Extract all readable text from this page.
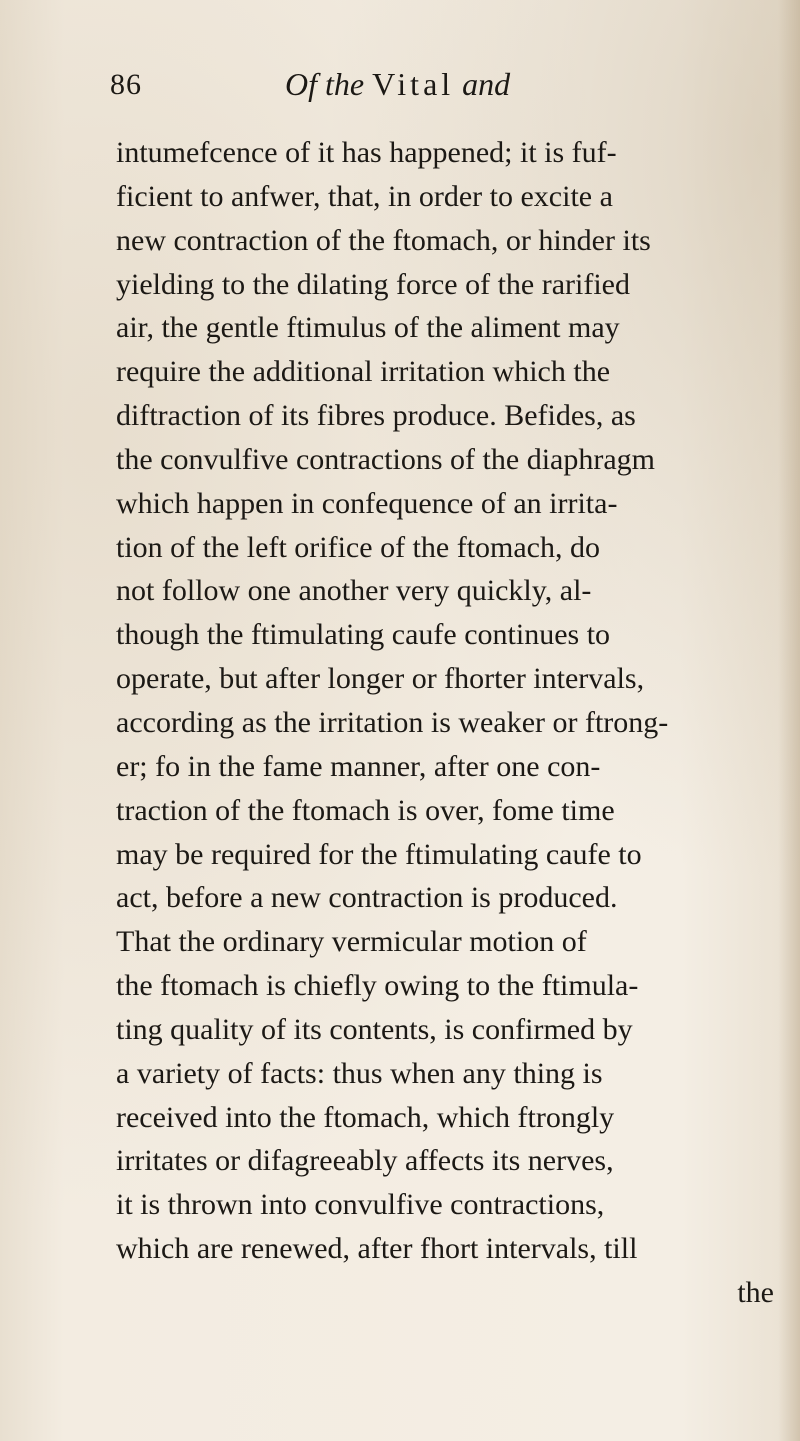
86	Of the Vital and
intumefcence of it has happened; it is fuf-
ficient to anfwer, that, in order to excite a
new contraction of the ftomach, or hinder its
yielding to the dilating force of the rarified
air, the gentle ftimulus of the aliment may
require the additional irritation which the
diftraction of its fibres produce. Befides, as
the convulfive contractions of the diaphragm
which happen in confequence of an irrita-
tion of the left orifice of the ftomach, do
not follow one another very quickly, al-
though the ftimulating caufe continues to
operate, but after longer or fhorter intervals,
according as the irritation is weaker or ftrong-
er; fo in the fame manner, after one con-
traction of the ftomach is over, fome time
may be required for the ftimulating caufe to
act, before a new contraction is produced.
That the ordinary vermicular motion of
the ftomach is chiefly owing to the ftimula-
ting quality of its contents, is confirmed by
a variety of facts: thus when any thing is
received into the ftomach, which ftrongly
irritates or difagreeably affects its nerves,
it is thrown into convulfive contractions,
which are renewed, after fhort intervals, till
the
